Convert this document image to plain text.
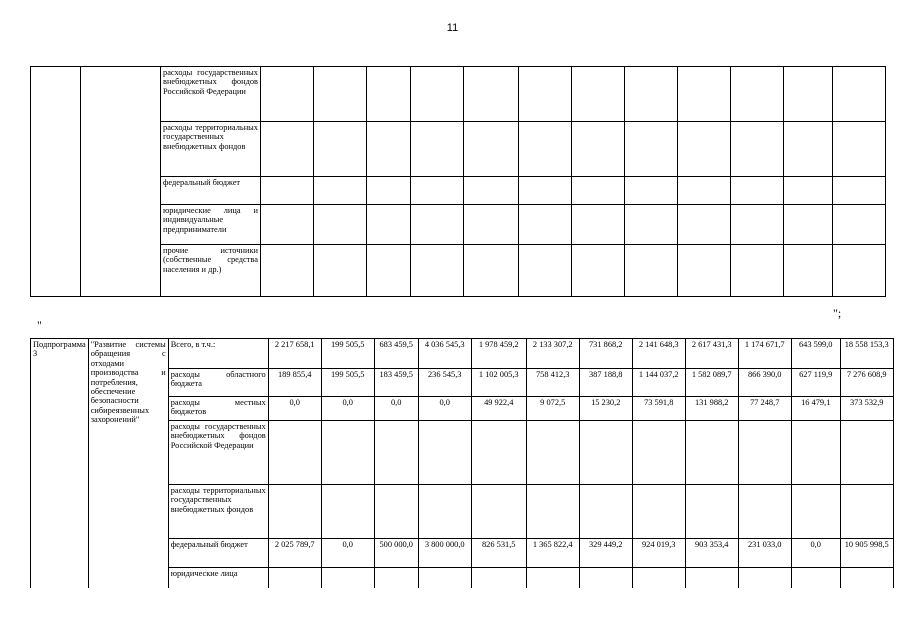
11
		расходы государственных внебюджетных фондов Российской Федерации												
		расходы территориальных государственных внебюджетных фондов												
		федеральный бюджет												
		юридические лица и индивидуальные предприниматели												
		прочие источники (собственные средства населения и др.)												
";
"
Подпрограмма 3	"Развитие системы обращения с отходами производства и потребления, обеспечение безопасности сибиреязвенных захоронений"	Всего, в т.ч.:	2 217 658,1	199 505,5	683 459,5	4 036 545,3	1 978 459,2	2 133 307,2	731 868,2	2 141 648,3	2 617 431,3	1 174 671,7	643 599,0	18 558 153,3
		расходы областного бюджета	189 855,4	199 505,5	183 459,5	236 545,3	1 102 005,3	758 412,3	387 188,8	1 144 037,2	1 582 089,7	866 390,0	627 119,9	7 276 608,9
		расходы местных бюджетов	0,0	0,0	0,0	0,0	49 922,4	9 072,5	15 230,2	73 591,8	131 988,2	77 248,7	16 479,1	373 532,9
		расходы государственных внебюджетных фондов Российской Федерации												
		расходы территориальных государственных внебюджетных фондов												
		федеральный бюджет	2 025 789,7	0,0	500 000,0	3 800 000,0	826 531,5	1 365 822,4	329 449,2	924 019,3	903 353,4	231 033,0	0,0	10 905 998,5
		юридические лица												
